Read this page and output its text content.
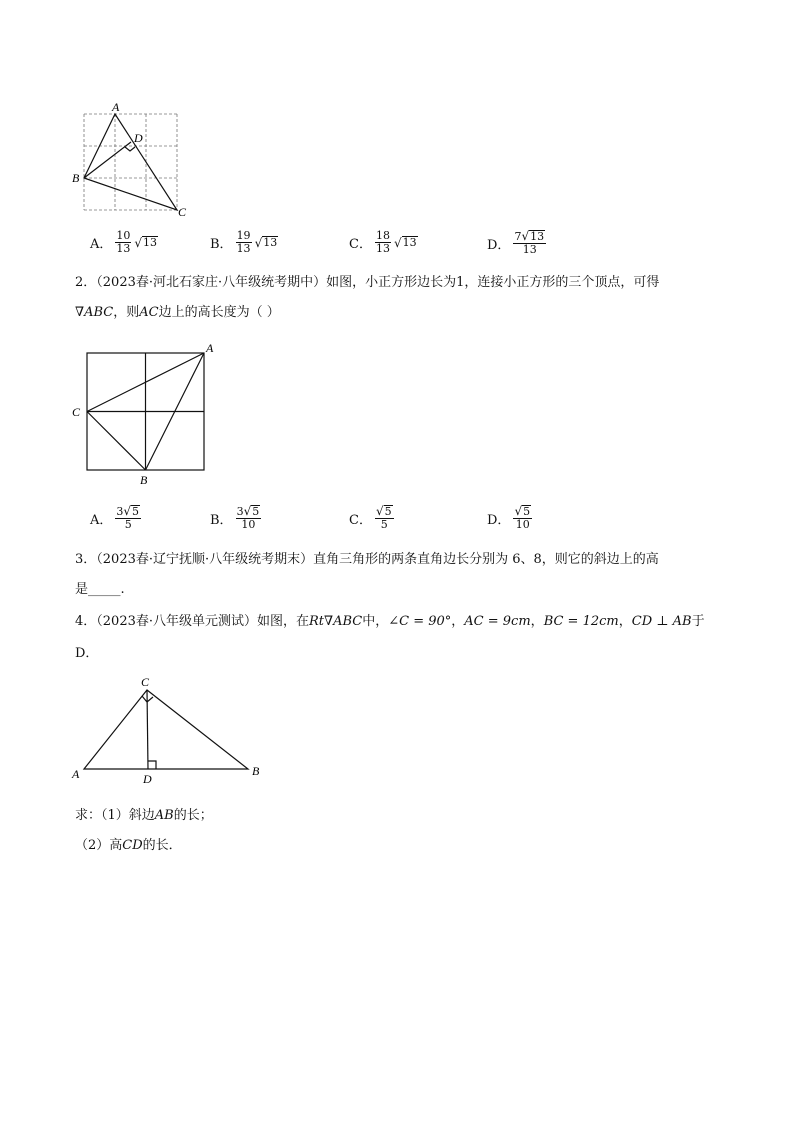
A
D
B
C
A． $\frac{10}{13}$ √ 13	B． $\frac{19}{13}$ √ 13	C． $\frac{18}{13}$ √ 13	D． $\frac{7 √ 13}{13}$
2．（2023春·河北石家庄·八年级统考期中）如图，小正方形边长为1，连接小正方形的三个顶点，可得
∇ABC，则AC边上的高长度为（ ）
A
C
B
A． $\frac{3 √ 5}{5}$	B． $\frac{3 √ 5}{10}$	C． $\frac{√ 5}{5}$	D． $\frac{√ 5}{10}$
3．（2023春·辽宁抚顺·八年级统考期末）直角三角形的两条直角边长分别为 6、8，则它的斜边上的高
是_____.
4．（2023春·八年级单元测试）如图，在Rt∇ABC中，∠C = 90°，AC = 9cm，BC = 12cm，CD ⊥ AB于
D．
C
A	D
B
求：（1）斜边AB的长；
（2）高CD的长．
